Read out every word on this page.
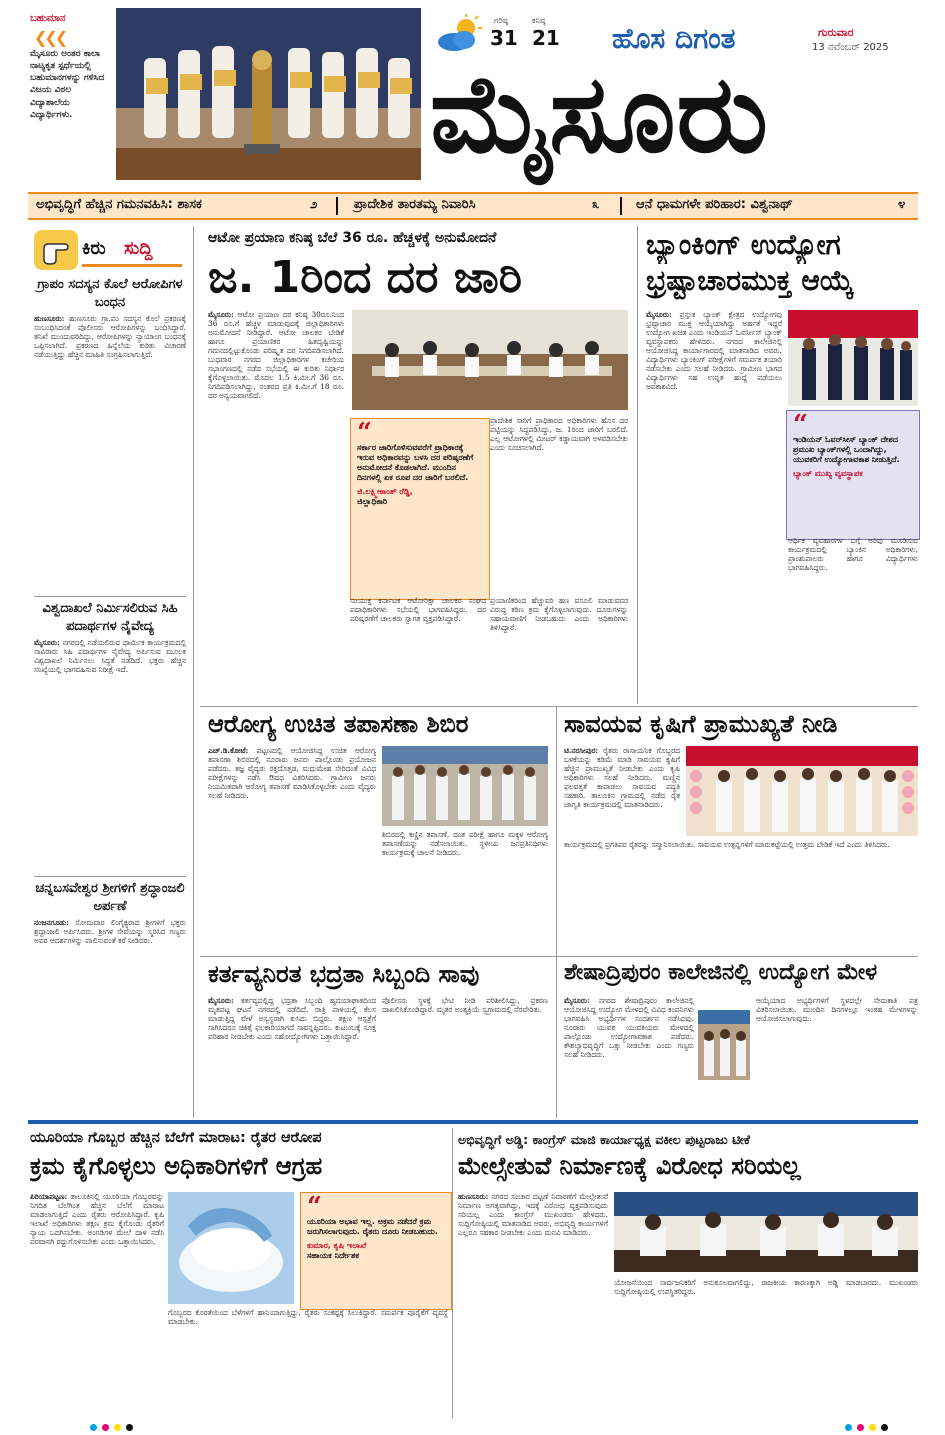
ಬಹುಮಾನ
❮❮❮
ಮೈಸೂರು ಅಂತರ ಕಾಲಾ ನಾಟ್ಯಕೃತ ಸ್ಪರ್ಧೆಯಲ್ಲಿ ಬಹುಮಾನಗಳನ್ನು ಗಳಿಸಿದ ವಿಜಯ ವಿಠಲ ವಿದ್ಯಾಶಾಲೆಯ ವಿದ್ಯಾರ್ಥಿಗಳು.
ಗರಿಷ್ಠ
31
ಕನಿಷ್ಠ
21 ಹೊಸ ದಿಗಂತ	ಗುರುವಾರ
13 ನವೆಂಬರ್ 2025
ಮೈಸೂರು
ಅಭಿವೃದ್ಧಿಗೆ ಹೆಚ್ಚಿನ ಗಮನವಹಿಸಿ: ಶಾಸಕ	೨	ಪ್ರಾದೇಶಿಕ ತಾರತಮ್ಯ ನಿವಾರಿಸಿ	೩	ಆನೆ ಧಾಮಗಳೇ ಪರಿಹಾರ: ವಿಶ್ವನಾಥ್	೪
ಕಿರು ಸುದ್ದಿ
ಗ್ರಾಪಂ ಸದಸ್ಯನ ಕೊಲೆ ಆರೋಪಿಗಳ ಬಂಧನ
ಹುಣಸೂರು: ಹುಣಸೂರು ಗ್ರಾ.ಪಂ ಸದಸ್ಯನ ಕೊಲೆ ಪ್ರಕರಣಕ್ಕೆ ಸಂಬಂಧಿಸಿದಂತೆ ಪೊಲೀಸರು ಆರೋಪಿಗಳನ್ನು ಬಂಧಿಸಿದ್ದಾರೆ. ತನಿಖೆ ಮುಂದುವರಿದಿದ್ದು, ಆರೋಪಿಗಳನ್ನು ನ್ಯಾಯಾಂಗ ಬಂಧನಕ್ಕೆ ಒಪ್ಪಿಸಲಾಗಿದೆ. ಪ್ರಕರಣದ ಹಿನ್ನೆಲೆಯ ಕುರಿತು ವಿಚಾರಣೆ ನಡೆಯುತ್ತಿದ್ದು ಹೆಚ್ಚಿನ ಮಾಹಿತಿ ಸಂಗ್ರಹಿಸಲಾಗುತ್ತಿದೆ.
ವಿಶ್ವದಾಖಲೆ ನಿರ್ಮಿಸಲಿರುವ ಸಿಹಿ ಪದಾರ್ಥಗಳ ನೈವೇದ್ಯ
ಮೈಸೂರು: ನಗರದಲ್ಲಿ ನಡೆಯಲಿರುವ ಧಾರ್ಮಿಕ ಕಾರ್ಯಕ್ರಮದಲ್ಲಿ ಸಾವಿರಾರು ಸಿಹಿ ಪದಾರ್ಥಗಳ ನೈವೇದ್ಯ ಅರ್ಪಿಸುವ ಮೂಲಕ ವಿಶ್ವದಾಖಲೆ ನಿರ್ಮಿಸಲು ಸಿದ್ಧತೆ ನಡೆದಿದೆ. ಭಕ್ತರು ಹೆಚ್ಚಿನ ಸಂಖ್ಯೆಯಲ್ಲಿ ಭಾಗವಹಿಸುವ ನಿರೀಕ್ಷೆ ಇದೆ.
ಚನ್ನಬಸವೇಶ್ವರ ಶ್ರೀಗಳಿಗೆ ಶ್ರದ್ಧಾಂಜಲಿ ಅರ್ಪಣೆ
ನಂಜನಗೂಡು: ಸೋಮವಾರ ಲಿಂಗೈಕ್ಯರಾದ ಶ್ರೀಗಳಿಗೆ ಭಕ್ತರು ಶ್ರದ್ಧಾಂಜಲಿ ಅರ್ಪಿಸಿದರು. ಶ್ರೀಗಳ ಸೇವೆಯನ್ನು ಸ್ಮರಿಸಿದ ಗಣ್ಯರು ಅವರ ಆದರ್ಶಗಳನ್ನು ಪಾಲಿಸುವಂತೆ ಕರೆ ನೀಡಿದರು.
ಆಟೋ ಪ್ರಯಾಣ ಕನಿಷ್ಠ ಬೆಲೆ 36 ರೂ. ಹೆಚ್ಚಳಕ್ಕೆ ಅನುಮೋದನೆ
ಜ. 1ರಿಂದ ದರ ಜಾರಿ
ಮೈಸೂರು: ಆಟೋ ಪ್ರಯಾಣ ದರ ಕನಿಷ್ಠ 30ರೂ.ನಿಂದ 36 ರೂ.ಗೆ ಹೆಚ್ಚಳ ಮಾಡುವುದಕ್ಕೆ ಜಿಲ್ಲಾಧಿಕಾರಿಗಳು ಅನುಮೋದನೆ ನೀಡಿದ್ದಾರೆ. ಆಟೋ ಚಾಲಕರ ಬೇಡಿಕೆ ಹಾಗೂ ಪ್ರಯಾಣಿಕರ ಹಿತದೃಷ್ಟಿಯನ್ನು ಗಮನದಲ್ಲಿಟ್ಟುಕೊಂಡು ಪರಿಷ್ಕೃತ ದರ ನಿಗದಿಪಡಿಸಲಾಗಿದೆ. ಬುಧವಾರ ನಗರದ ಜಿಲ್ಲಾಧಿಕಾರಿಗಳ ಕಚೇರಿಯ ಸಭಾಂಗಣದಲ್ಲಿ ನಡೆದ ಸಭೆಯಲ್ಲಿ ಈ ಕುರಿತು ನಿರ್ಧಾರ ಕೈಗೊಳ್ಳಲಾಯಿತು. ಮೊದಲ 1.5 ಕಿ.ಮೀ.ಗೆ 36 ರೂ. ನಿಗದಿಪಡಿಸಲಾಗಿದ್ದು, ನಂತರದ ಪ್ರತಿ ಕಿ.ಮೀ.ಗೆ 18 ರೂ. ದರ ಅನ್ವಯವಾಗಲಿದೆ.
ಪ್ರಾದೇಶಿಕ ಸಾರಿಗೆ ಪ್ರಾಧಿಕಾರದ ಅಧಿಕಾರಿಗಳು ಹೊಸ ದರ ಪಟ್ಟಿಯನ್ನು ಸಿದ್ಧಪಡಿಸಿದ್ದು, ಜ. 1ರಿಂದ ಜಾರಿಗೆ ಬರಲಿದೆ. ಎಲ್ಲ ಆಟೋಗಳಲ್ಲಿ ಮೀಟರ್ ಕಡ್ಡಾಯವಾಗಿ ಅಳವಡಿಸಬೇಕು ಎಂದು ಸೂಚಿಸಲಾಗಿದೆ.
“
ಸರ್ಕಾರ ಜಾರಿಗೊಳಿಸುವವರೆಗೆ ಪ್ರಾಧಿಕಾರಕ್ಕೆ ಇರುವ ಅಧಿಕಾರವನ್ನು ಬಳಸಿ ದರ ಪರಿಷ್ಕರಣೆಗೆ ಅನುಮೋದನೆ ಕೊಡಲಾಗಿದೆ. ಮುಂದಿನ ದಿನಗಳಲ್ಲಿ ಏಕ ರೂಪ ದರ ಜಾರಿಗೆ ಬರಲಿದೆ.
ಜಿ.ಲಕ್ಷ್ಮೀಕಾಂತ್ ರೆಡ್ಡಿ,
ಜಿಲ್ಲಾಧಿಕಾರಿ
ಸಂಯುಕ್ತ ಕರ್ನಾಟಕ ಆಟೋರಿಕ್ಷಾ ಚಾಲಕರ ಸಂಘದ ಪದಾಧಿಕಾರಿಗಳು ಸಭೆಯಲ್ಲಿ ಭಾಗವಹಿಸಿದ್ದರು. ದರ ಪರಿಷ್ಕರಣೆಗೆ ಚಾಲಕರು ಸ್ವಾಗತ ವ್ಯಕ್ತಪಡಿಸಿದ್ದಾರೆ.
ಪ್ರಯಾಣಿಕರಿಂದ ಹೆಚ್ಚುವರಿ ಹಣ ವಸೂಲಿ ಮಾಡುವವರ ವಿರುದ್ಧ ಕಠಿಣ ಕ್ರಮ ಕೈಗೊಳ್ಳಲಾಗುವುದು. ದೂರುಗಳನ್ನು ಸಹಾಯವಾಣಿಗೆ ನೀಡಬಹುದು ಎಂದು ಅಧಿಕಾರಿಗಳು ತಿಳಿಸಿದ್ದಾರೆ.
ಬ್ಯಾಂಕಿಂಗ್ ಉದ್ಯೋಗ
ಭ್ರಷ್ಟಾಚಾರಮುಕ್ತ ಆಯ್ಕೆ
ಮೈಸೂರು: ಪ್ರಸ್ತುತ ಬ್ಯಾಂಕ್ ಕ್ಷೇತ್ರದ ಉದ್ಯೋಗವು ಭ್ರಷ್ಟಾಚಾರ ಮುಕ್ತ ಆಯ್ಕೆಯಾಗಿದ್ದು ಅರ್ಹತೆ ಇದ್ದರೆ ಉದ್ಯೋಗ ಖಚಿತ ಎಂದು ಇಂಡಿಯನ್ ಓವರ್ಸೀಸ್ ಬ್ಯಾಂಕ್ ವ್ಯವಸ್ಥಾಪಕರು ಹೇಳಿದರು. ನಗರದ ಕಾಲೇಜಿನಲ್ಲಿ ಆಯೋಜಿಸಿದ್ದ ಕಾರ್ಯಾಗಾರದಲ್ಲಿ ಮಾತನಾಡಿದ ಅವರು, ವಿದ್ಯಾರ್ಥಿಗಳು ಬ್ಯಾಂಕಿಂಗ್ ಪರೀಕ್ಷೆಗಳಿಗೆ ಸಮರ್ಪಕ ತಯಾರಿ ನಡೆಸಬೇಕು ಎಂದು ಸಲಹೆ ನೀಡಿದರು. ಗ್ರಾಮೀಣ ಭಾಗದ ವಿದ್ಯಾರ್ಥಿಗಳು ಸಹ ಉನ್ನತ ಹುದ್ದೆ ಪಡೆಯಲು ಅವಕಾಶವಿದೆ.
“
ಇಂಡಿಯನ್ ಓವರ್‌ಸೀಸ್ ಬ್ಯಾಂಕ್ ದೇಶದ ಪ್ರಮುಖ ಬ್ಯಾಂಕ್‌ಗಳಲ್ಲಿ ಒಂದಾಗಿದ್ದು, ಯುವಕರಿಗೆ ಉದ್ಯೋಗಾವಕಾಶ ನೀಡುತ್ತಿದೆ.
ಬ್ಯಾಂಕ್ ಮುಖ್ಯ ವ್ಯವಸ್ಥಾಪಕ
ಆರ್ಥಿಕ ವ್ಯವಹಾರಗಳ ಬಗ್ಗೆ ಅರಿವು ಮೂಡಿಸುವ ಕಾರ್ಯಕ್ರಮದಲ್ಲಿ ಬ್ಯಾಂಕಿನ ಅಧಿಕಾರಿಗಳು, ಪ್ರಾಂಶುಪಾಲರು ಹಾಗೂ ವಿದ್ಯಾರ್ಥಿಗಳು ಭಾಗವಹಿಸಿದ್ದರು.
ಆರೋಗ್ಯ ಉಚಿತ ತಪಾಸಣಾ ಶಿಬಿರ
ಎಚ್.ಡಿ.ಕೋಟೆ: ಪಟ್ಟಣದಲ್ಲಿ ಆಯೋಜಿಸಿದ್ದ ಉಚಿತ ಆರೋಗ್ಯ ತಪಾಸಣಾ ಶಿಬಿರದಲ್ಲಿ ನೂರಾರು ಜನರು ಪಾಲ್ಗೊಂಡು ಪ್ರಯೋಜನ ಪಡೆದರು. ತಜ್ಞ ವೈದ್ಯರು ರಕ್ತದೊತ್ತಡ, ಮಧುಮೇಹ ಸೇರಿದಂತೆ ವಿವಿಧ ಪರೀಕ್ಷೆಗಳನ್ನು ನಡೆಸಿ ಔಷಧ ವಿತರಿಸಿದರು. ಗ್ರಾಮೀಣ ಜನರು ನಿಯಮಿತವಾಗಿ ಆರೋಗ್ಯ ತಪಾಸಣೆ ಮಾಡಿಸಿಕೊಳ್ಳಬೇಕು ಎಂದು ವೈದ್ಯರು ಸಲಹೆ ನೀಡಿದರು.
ಶಿಬಿರದಲ್ಲಿ ಕಣ್ಣಿನ ತಪಾಸಣೆ, ದಂತ ಪರೀಕ್ಷೆ ಹಾಗೂ ಮಕ್ಕಳ ಆರೋಗ್ಯ ತಪಾಸಣೆಯನ್ನು ನಡೆಸಲಾಯಿತು. ಸ್ಥಳೀಯ ಜನಪ್ರತಿನಿಧಿಗಳು ಕಾರ್ಯಕ್ರಮಕ್ಕೆ ಚಾಲನೆ ನೀಡಿದರು.
ಸಾವಯವ ಕೃಷಿಗೆ ಪ್ರಾಮುಖ್ಯತೆ ನೀಡಿ
ಟಿ.ನರಸೀಪುರ: ರೈತರು ರಾಸಾಯನಿಕ ಗೊಬ್ಬರದ ಬಳಕೆಯನ್ನು ಕಡಿಮೆ ಮಾಡಿ ಸಾವಯವ ಕೃಷಿಗೆ ಹೆಚ್ಚಿನ ಪ್ರಾಮುಖ್ಯತೆ ನೀಡಬೇಕು ಎಂದು ಕೃಷಿ ಅಧಿಕಾರಿಗಳು ಸಲಹೆ ನೀಡಿದರು. ಮಣ್ಣಿನ ಫಲವತ್ತತೆ ಕಾಪಾಡಲು ಸಾವಯವ ಪದ್ಧತಿ ಸಹಕಾರಿ. ತಾಲೂಕಿನ ಗ್ರಾಮದಲ್ಲಿ ನಡೆದ ರೈತ ಜಾಗೃತಿ ಕಾರ್ಯಕ್ರಮದಲ್ಲಿ ಮಾತನಾಡಿದರು.
ಕಾರ್ಯಕ್ರಮದಲ್ಲಿ ಪ್ರಗತಿಪರ ರೈತರನ್ನು ಸನ್ಮಾನಿಸಲಾಯಿತು. ಸಾವಯವ ಉತ್ಪನ್ನಗಳಿಗೆ ಮಾರುಕಟ್ಟೆಯಲ್ಲಿ ಉತ್ತಮ ಬೇಡಿಕೆ ಇದೆ ಎಂದು ತಿಳಿಸಿದರು.
ಕರ್ತವ್ಯನಿರತ ಭದ್ರತಾ ಸಿಬ್ಬಂದಿ ಸಾವು
ಮೈಸೂರು: ಕರ್ತವ್ಯದಲ್ಲಿದ್ದ ಭದ್ರತಾ ಸಿಬ್ಬಂದಿ ಹೃದಯಾಘಾತದಿಂದ ಮೃತಪಟ್ಟ ಘಟನೆ ನಗರದಲ್ಲಿ ನಡೆದಿದೆ. ರಾತ್ರಿ ಪಾಳಿಯಲ್ಲಿ ಕೆಲಸ ಮಾಡುತ್ತಿದ್ದ ವೇಳೆ ಅಸ್ವಸ್ಥರಾಗಿ ಕುಸಿದು ಬಿದ್ದರು. ತಕ್ಷಣ ಆಸ್ಪತ್ರೆಗೆ ಸಾಗಿಸಿದರೂ ಚಿಕಿತ್ಸೆ ಫಲಕಾರಿಯಾಗದೆ ಸಾವನ್ನಪ್ಪಿದರು. ಕುಟುಂಬಕ್ಕೆ ಸೂಕ್ತ ಪರಿಹಾರ ನೀಡಬೇಕು ಎಂದು ಸಹೋದ್ಯೋಗಿಗಳು ಒತ್ತಾಯಿಸಿದ್ದಾರೆ.
ಪೊಲೀಸರು ಸ್ಥಳಕ್ಕೆ ಭೇಟಿ ನೀಡಿ ಪರಿಶೀಲಿಸಿದ್ದು, ಪ್ರಕರಣ ದಾಖಲಿಸಿಕೊಂಡಿದ್ದಾರೆ. ಮೃತರ ಅಂತ್ಯಕ್ರಿಯೆ ಸ್ವಗ್ರಾಮದಲ್ಲಿ ನೆರವೇರಿತು.
ಶೇಷಾದ್ರಿಪುರಂ ಕಾಲೇಜಿನಲ್ಲಿ ಉದ್ಯೋಗ ಮೇಳ
ಮೈಸೂರು: ನಗರದ ಶೇಷಾದ್ರಿಪುರಂ ಕಾಲೇಜಿನಲ್ಲಿ ಆಯೋಜಿಸಿದ್ದ ಉದ್ಯೋಗ ಮೇಳದಲ್ಲಿ ವಿವಿಧ ಕಂಪನಿಗಳು ಭಾಗವಹಿಸಿ ಅಭ್ಯರ್ಥಿಗಳ ಸಂದರ್ಶನ ನಡೆಸಿದವು. ನೂರಾರು ಯುವಕ ಯುವತಿಯರು ಮೇಳದಲ್ಲಿ ಪಾಲ್ಗೊಂಡು ಉದ್ಯೋಗಾವಕಾಶ ಪಡೆದರು. ಕೌಶಲ್ಯಾಭಿವೃದ್ಧಿಗೆ ಒತ್ತು ನೀಡಬೇಕು ಎಂದು ಗಣ್ಯರು ಸಲಹೆ ನೀಡಿದರು.
ಆಯ್ಕೆಯಾದ ಅಭ್ಯರ್ಥಿಗಳಿಗೆ ಸ್ಥಳದಲ್ಲೇ ನೇಮಕಾತಿ ಪತ್ರ ವಿತರಿಸಲಾಯಿತು. ಮುಂದಿನ ದಿನಗಳಲ್ಲೂ ಇಂತಹ ಮೇಳಗಳನ್ನು ಆಯೋಜಿಸಲಾಗುವುದು.
ಯೂರಿಯಾ ಗೊಬ್ಬರ ಹೆಚ್ಚಿನ ಬೆಲೆಗೆ ಮಾರಾಟ: ರೈತರ ಆರೋಪ
ಕ್ರಮ ಕೈಗೊಳ್ಳಲು ಅಧಿಕಾರಿಗಳಿಗೆ ಆಗ್ರಹ
ಪಿರಿಯಾಪಟ್ಟಣ: ತಾಲೂಕಿನಲ್ಲಿ ಯೂರಿಯಾ ಗೊಬ್ಬರವನ್ನು ನಿಗದಿತ ಬೆಲೆಗಿಂತ ಹೆಚ್ಚಿನ ಬೆಲೆಗೆ ಮಾರಾಟ ಮಾಡಲಾಗುತ್ತಿದೆ ಎಂದು ರೈತರು ಆರೋಪಿಸಿದ್ದಾರೆ. ಕೃಷಿ ಇಲಾಖೆ ಅಧಿಕಾರಿಗಳು ತಕ್ಷಣ ಕ್ರಮ ಕೈಗೊಂಡು ರೈತರಿಗೆ ನ್ಯಾಯ ಒದಗಿಸಬೇಕು. ಅಂಗಡಿಗಳ ಮೇಲೆ ದಾಳಿ ನಡೆಸಿ ಪರವಾನಗಿ ರದ್ದುಗೊಳಿಸಬೇಕು ಎಂದು ಒತ್ತಾಯಿಸಿದರು.
“
ಯೂರಿಯಾ ಅಭಾವ ಇಲ್ಲ. ಅಕ್ರಮ ನಡೆದರೆ ಕ್ರಮ ಜರುಗಿಸಲಾಗುವುದು. ರೈತರು ದೂರು ನೀಡಬಹುದು.
ಕುಮಾರ, ಕೃಷಿ ಇಲಾಖೆ
ಸಹಾಯಕ ನಿರ್ದೇಶಕ
ಗೊಬ್ಬರದ ಕೊರತೆಯಿಂದ ಬೆಳೆಗಳಿಗೆ ಹಾನಿಯಾಗುತ್ತಿದ್ದು, ರೈತರು ಸಂಕಷ್ಟಕ್ಕೆ ಸಿಲುಕಿದ್ದಾರೆ. ಸಮರ್ಪಕ ಪೂರೈಕೆಗೆ ವ್ಯವಸ್ಥೆ ಮಾಡಬೇಕು.
ಅಭಿವೃದ್ಧಿಗೆ ಅಡ್ಡಿ: ಕಾಂಗ್ರೆಸ್ ಮಾಜಿ ಕಾರ್ಯಾಧ್ಯಕ್ಷ ವಕೀಲ ಪುಟ್ಟರಾಜು ಟೀಕೆ
ಮೇಲ್ಸೇತುವೆ ನಿರ್ಮಾಣಕ್ಕೆ ವಿರೋಧ ಸರಿಯಲ್ಲ
ಹುಣಸೂರು: ನಗರದ ಸಂಚಾರ ದಟ್ಟಣೆ ನಿವಾರಣೆಗೆ ಮೇಲ್ಸೇತುವೆ ನಿರ್ಮಾಣ ಅಗತ್ಯವಾಗಿದ್ದು, ಇದಕ್ಕೆ ವಿರೋಧ ವ್ಯಕ್ತಪಡಿಸುವುದು ಸರಿಯಲ್ಲ ಎಂದು ಕಾಂಗ್ರೆಸ್ ಮುಖಂಡರು ಹೇಳಿದರು. ಸುದ್ದಿಗೋಷ್ಠಿಯಲ್ಲಿ ಮಾತನಾಡಿದ ಅವರು, ಅಭಿವೃದ್ಧಿ ಕಾರ್ಯಗಳಿಗೆ ಎಲ್ಲರೂ ಸಹಕಾರ ನೀಡಬೇಕು ಎಂದು ಮನವಿ ಮಾಡಿದರು.
ಯೋಜನೆಯಿಂದ ಸಾರ್ವಜನಿಕರಿಗೆ ಅನುಕೂಲವಾಗಲಿದ್ದು, ರಾಜಕೀಯ ಕಾರಣಕ್ಕಾಗಿ ಅಡ್ಡಿ ಮಾಡಬಾರದು. ಮುಖಂಡರು ಸುದ್ದಿಗೋಷ್ಠಿಯಲ್ಲಿ ಉಪಸ್ಥಿತರಿದ್ದರು.
